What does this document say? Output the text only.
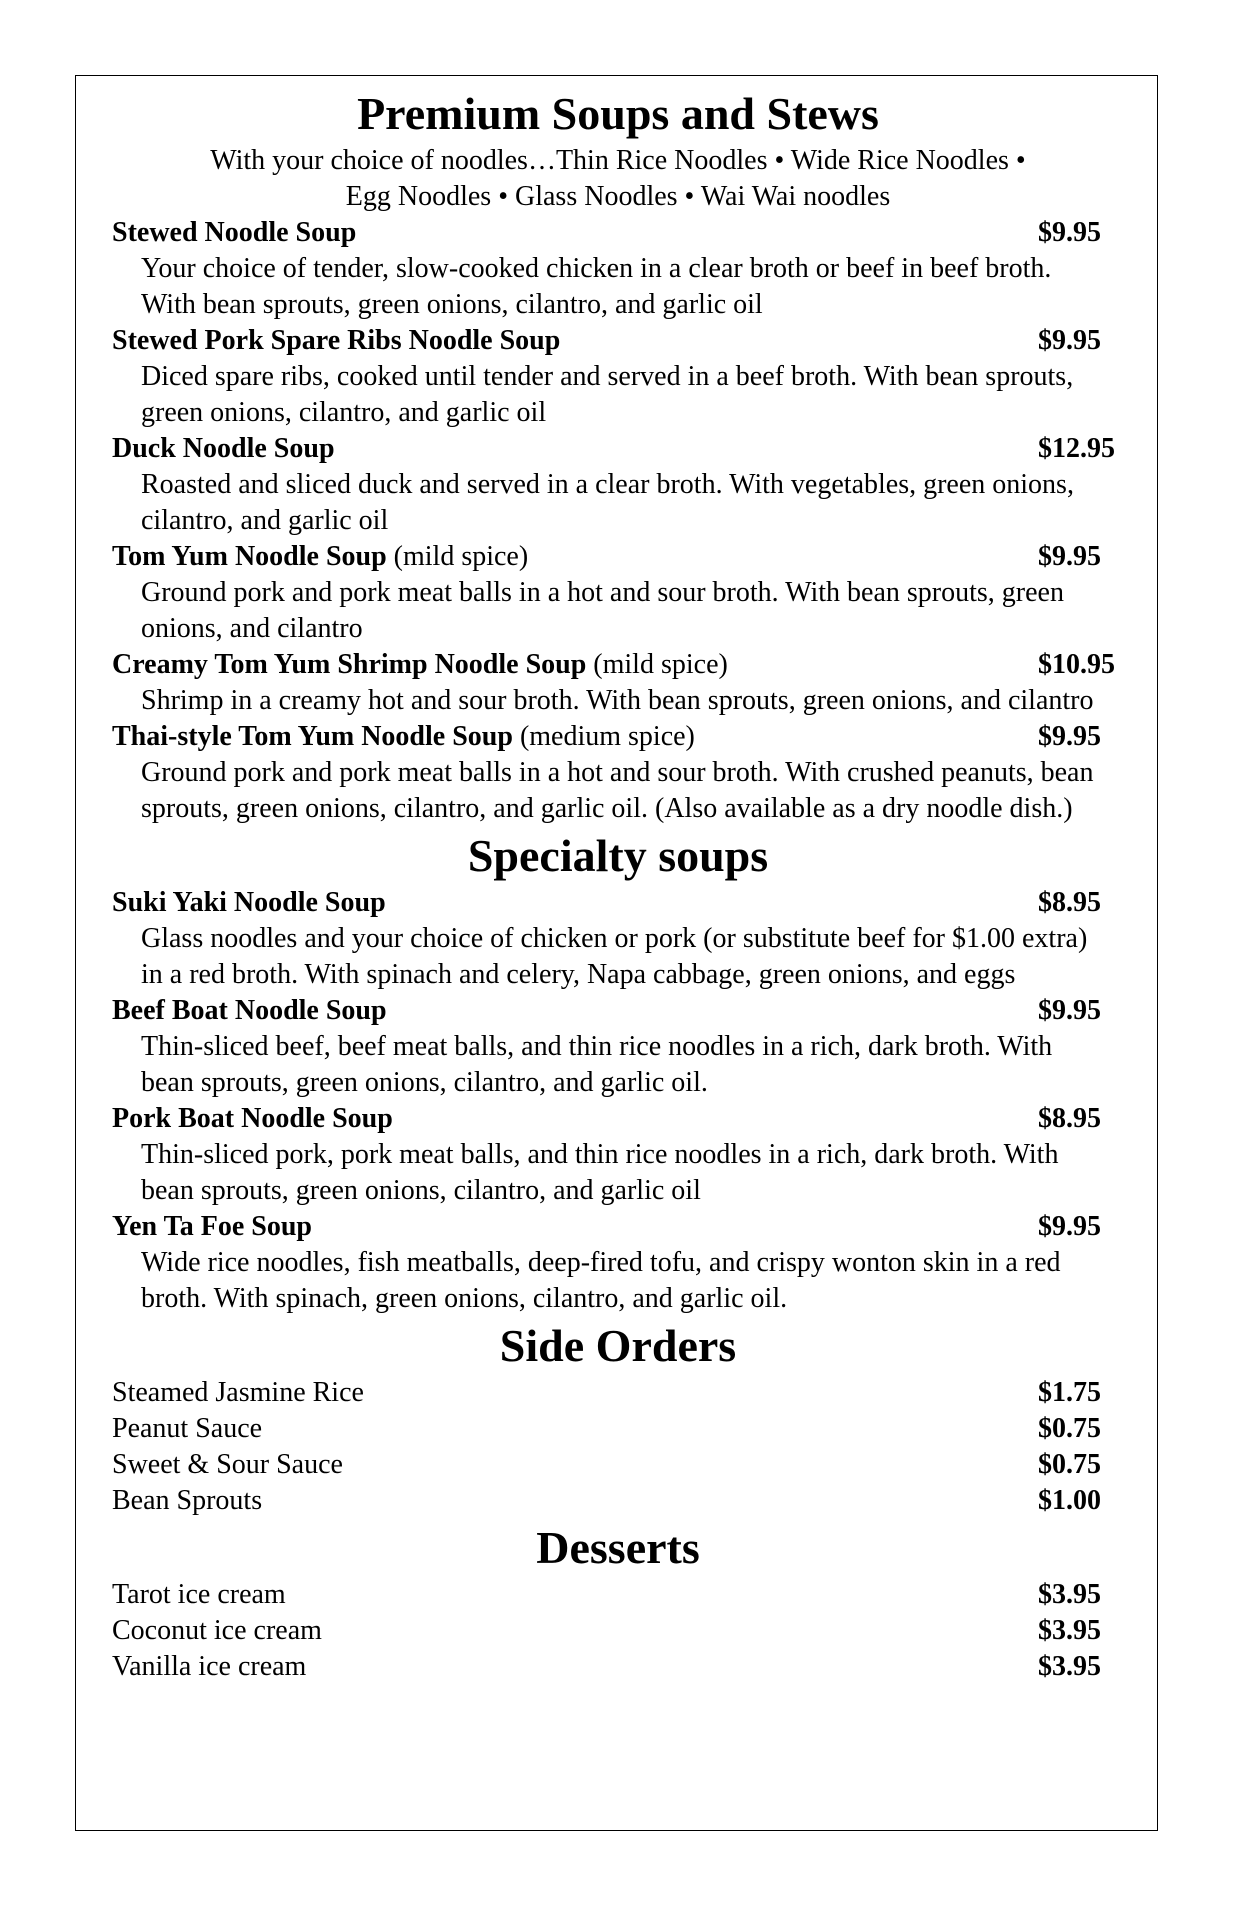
Premium Soups and Stews

With your choice of noodles…Thin Rice Noodles • Wide Rice Noodles •

Egg Noodles • Glass Noodles • Wai Wai noodles

Stewed Noodle Soup	$9.95
Your choice of tender, slow-cooked chicken in a clear broth or beef in beef broth. With bean sprouts, green onions, cilantro, and garlic oil
Stewed Pork Spare Ribs Noodle Soup	$9.95
Diced spare ribs, cooked until tender and served in a beef broth. With bean sprouts, green onions, cilantro, and garlic oil
Duck Noodle Soup	$12.95
Roasted and sliced duck and served in a clear broth. With vegetables, green onions, cilantro, and garlic oil
Tom Yum Noodle Soup (mild spice)	$9.95
Ground pork and pork meat balls in a hot and sour broth. With bean sprouts, green onions, and cilantro
Creamy Tom Yum Shrimp Noodle Soup (mild spice)	$10.95
Shrimp in a creamy hot and sour broth. With bean sprouts, green onions, and cilantro
Thai-style Tom Yum Noodle Soup (medium spice)	$9.95
Ground pork and pork meat balls in a hot and sour broth. With crushed peanuts, bean sprouts, green onions, cilantro, and garlic oil. (Also available as a dry noodle dish.)
Specialty soups
Suki Yaki Noodle Soup	$8.95
Glass noodles and your choice of chicken or pork (or substitute beef for $1.00 extra) in a red broth. With spinach and celery, Napa cabbage, green onions, and eggs
Beef Boat Noodle Soup	$9.95
Thin-sliced beef, beef meat balls, and thin rice noodles in a rich, dark broth. With bean sprouts, green onions, cilantro, and garlic oil.
Pork Boat Noodle Soup	$8.95
Thin-sliced pork, pork meat balls, and thin rice noodles in a rich, dark broth. With bean sprouts, green onions, cilantro, and garlic oil
Yen Ta Foe Soup	$9.95
Wide rice noodles, fish meatballs, deep-fired tofu, and crispy wonton skin in a red broth. With spinach, green onions, cilantro, and garlic oil.
Side Orders
Steamed Jasmine Rice	$1.75
Peanut Sauce	$0.75
Sweet & Sour Sauce	$0.75
Bean Sprouts	$1.00
Desserts
Tarot ice cream	$3.95
Coconut ice cream	$3.95
Vanilla ice cream	$3.95
